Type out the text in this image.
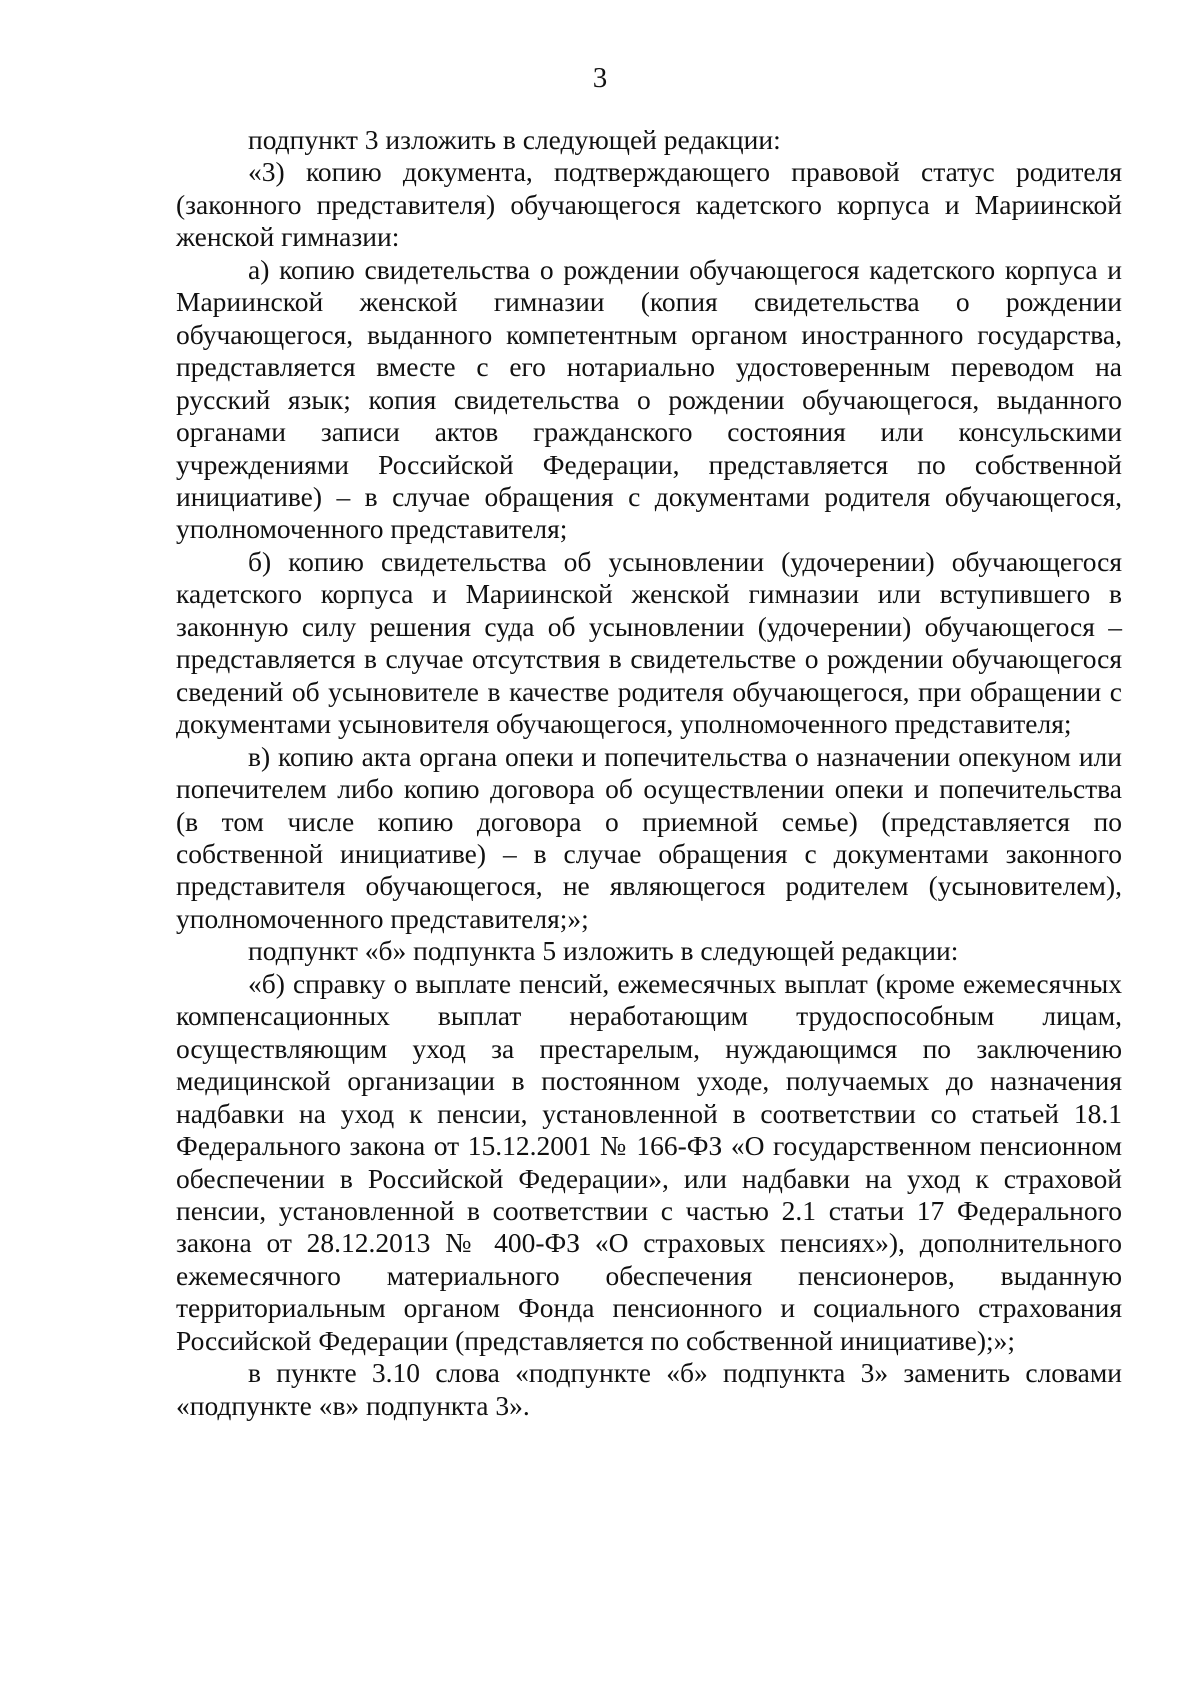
3

подпункт 3 изложить в следующей редакции:

«3) копию документа, подтверждающего правовой статус родителя (законного представителя) обучающегося кадетского корпуса и Мариинской женской гимназии:

а) копию свидетельства о рождении обучающегося кадетского корпуса и Мариинской женской гимназии (копия свидетельства о рождении обучающегося, выданного компетентным органом иностранного государства, представляется вместе с его нотариально удостоверенным переводом на русский язык; копия свидетельства о рождении обучающегося, выданного органами записи актов гражданского состояния или консульскими учреждениями Российской Федерации, представляется по собственной инициативе) – в случае обращения с документами родителя обучающегося, уполномоченного представителя;

б) копию свидетельства об усыновлении (удочерении) обучающегося кадетского корпуса и Мариинской женской гимназии или вступившего в законную силу решения суда об усыновлении (удочерении) обучающегося – представляется в случае отсутствия в свидетельстве о рождении обучающегося сведений об усыновителе в качестве родителя обучающегося, при обращении с документами усыновителя обучающегося, уполномоченного представителя;

в) копию акта органа опеки и попечительства о назначении опекуном или попечителем либо копию договора об осуществлении опеки и попечительства (в том числе копию договора о приемной семье) (представляется по собственной инициативе) – в случае обращения с документами законного представителя обучающегося, не являющегося родителем (усыновителем), уполномоченного представителя;»;

подпункт «б» подпункта 5 изложить в следующей редакции:

«б) справку о выплате пенсий, ежемесячных выплат (кроме ежемесячных компенсационных выплат неработающим трудоспособным лицам, осуществляющим уход за престарелым, нуждающимся по заключению медицинской организации в постоянном уходе, получаемых до назначения надбавки на уход к пенсии, установленной в соответствии со статьей 18.1 Федерального закона от 15.12.2001 № 166-ФЗ «О государственном пенсионном обеспечении в Российской Федерации», или надбавки на уход к страховой пенсии, установленной в соответствии с частью 2.1 статьи 17 Федерального закона от 28.12.2013 № 400-ФЗ «О страховых пенсиях»), дополнительного ежемесячного материального обеспечения пенсионеров, выданную территориальным органом Фонда пенсионного и социального страхования Российской Федерации (представляется по собственной инициативе);»;

в пункте 3.10 слова «подпункте «б» подпункта 3» заменить словами «подпункте «в» подпункта 3».
